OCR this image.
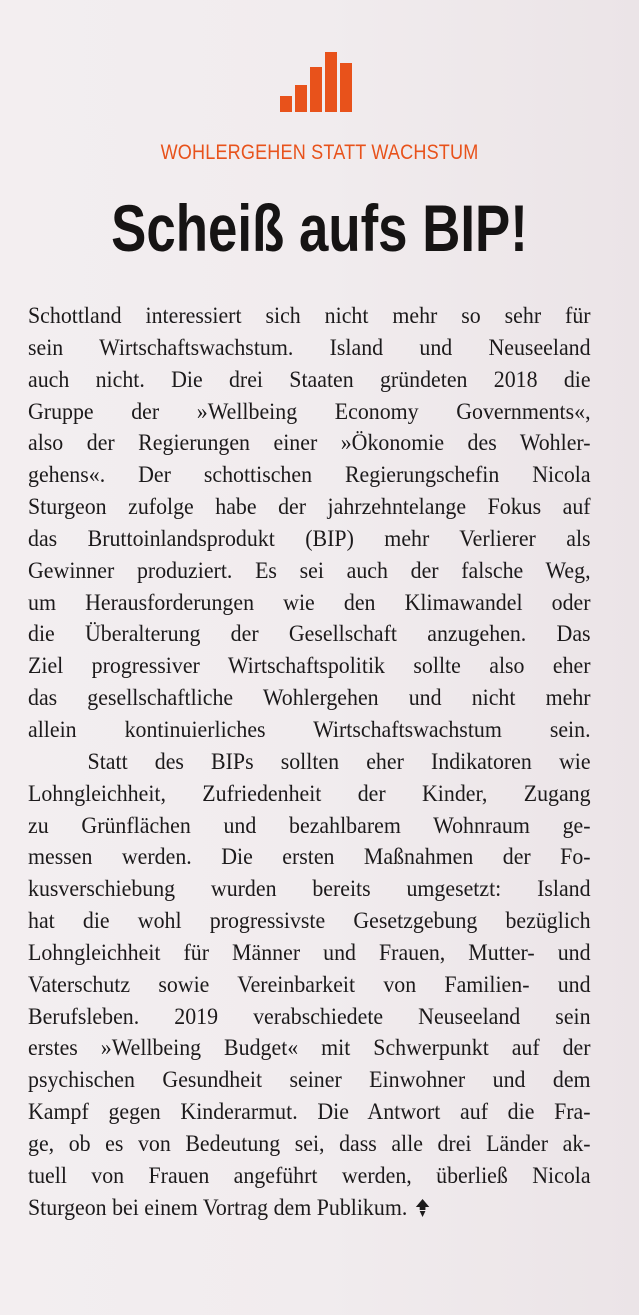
WOHLERGEHEN STATT WACHSTUM
Scheiß aufs BIP!
Schottland interessiert sich nicht mehr so sehr für
sein Wirtschaftswachstum. Island und Neuseeland
auch nicht. Die drei Staaten gründeten 2018 die
Gruppe der »Wellbeing Economy Governments«,
also der Regierungen einer »Ökonomie des Wohler-
gehens«. Der schottischen Regierungschefin Nicola
Sturgeon zufolge habe der jahrzehntelange Fokus auf
das Bruttoinlandsprodukt (BIP) mehr Verlierer als
Gewinner produziert. Es sei auch der falsche Weg,
um Herausforderungen wie den Klimawandel oder
die Überalterung der Gesellschaft anzugehen. Das
Ziel progressiver Wirtschaftspolitik sollte also eher
das gesellschaftliche Wohlergehen und nicht mehr
allein kontinuierliches Wirtschaftswachstum sein.
Statt des BIPs sollten eher Indikatoren wie
Lohngleichheit, Zufriedenheit der Kinder, Zugang
zu Grünflächen und bezahlbarem Wohnraum ge-
messen werden. Die ersten Maßnahmen der Fo-
kusverschiebung wurden bereits umgesetzt: Island
hat die wohl progressivste Gesetzgebung bezüglich
Lohngleichheit für Männer und Frauen, Mutter- und
Vaterschutz sowie Vereinbarkeit von Familien- und
Berufsleben. 2019 verabschiedete Neuseeland sein
erstes »Wellbeing Budget« mit Schwerpunkt auf der
psychischen Gesundheit seiner Einwohner und dem
Kampf gegen Kinderarmut. Die Antwort auf die Fra-
ge, ob es von Bedeutung sei, dass alle drei Länder ak-
tuell von Frauen angeführt werden, überließ Nicola
Sturgeon bei einem Vortrag dem Publikum.
